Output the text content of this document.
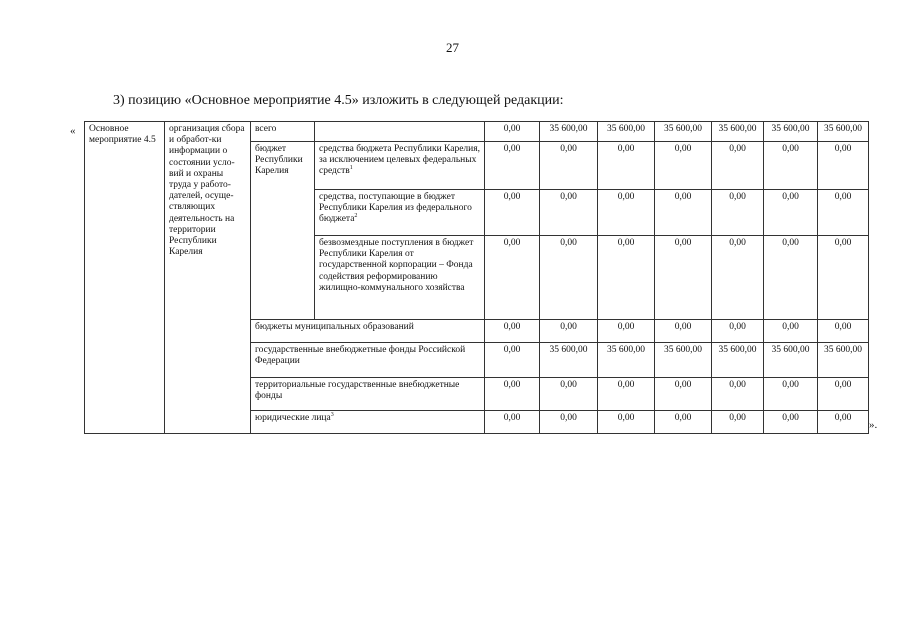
27
3) позицию «Основное мероприятие 4.5» изложить в следующей редакции:
« Основное мероприятие 4.5	организация сбора и обработ-ки информации о состоянии усло-вий и охраны труда у работо-дателей, осуще-ствляющих деятельность на территории Республики Карелия	всего		0,00	35 600,00	35 600,00	35 600,00	35 600,00	35 600,00	35 600,00
		бюджет Республики Карелия	средства бюджета Республики Карелия, за исключением целевых федеральных средств$^1$	0,00	0,00	0,00	0,00	0,00	0,00	0,00
			средства, поступающие в бюджет Республики Карелия из федерального бюджета$^2$	0,00	0,00	0,00	0,00	0,00	0,00	0,00
			безвозмездные поступления в бюджет Республики Карелия от государственной корпорации – Фонда содействия реформированию жилищно-коммунального хозяйства	0,00	0,00	0,00	0,00	0,00	0,00	0,00
		бюджеты муниципальных образований		0,00	0,00	0,00	0,00	0,00	0,00	0,00
		государственные внебюджетные фонды Российской Федерации		0,00	35 600,00	35 600,00	35 600,00	35 600,00	35 600,00	35 600,00
		территориальные государственные внебюджетные фонды		0,00	0,00	0,00	0,00	0,00	0,00	0,00
		юридические лица$^3$		0,00	0,00	0,00	0,00	0,00	0,00	0,00
».
